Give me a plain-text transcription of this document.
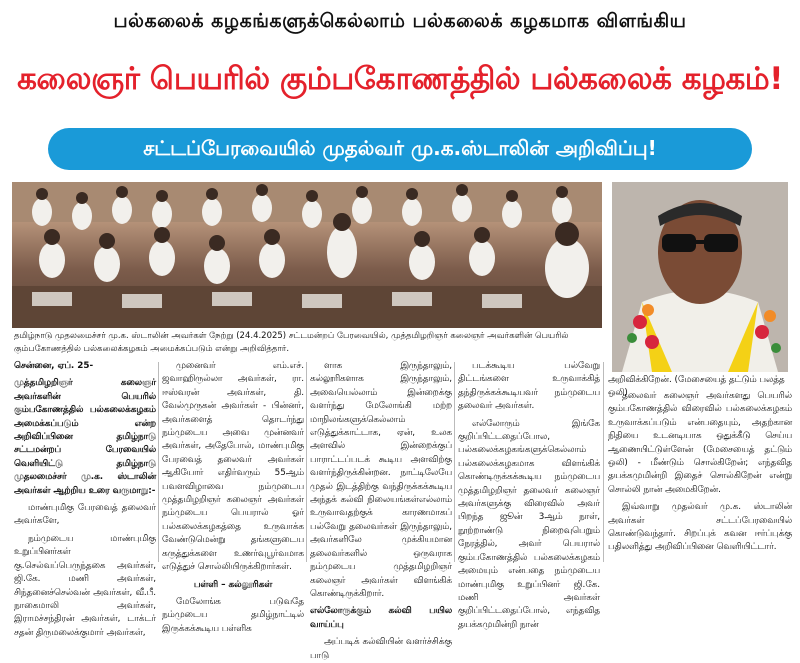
பல்கலைக் கழகங்களுக்கெல்லாம் பல்கலைக் கழகமாக விளங்கிய
கலைஞர் பெயரில் கும்பகோணத்தில் பல்கலைக் கழகம்!
சட்டப்பேரவையில் முதல்வர் மு.க.ஸ்டாலின் அறிவிப்பு!
தமிழ்நாடு முதலமைச்சர் மு.க. ஸ்டாலின் அவர்கள் நேற்று (24.4.2025) சட்டமன்றப் பேரவையில், முத்தமிழறிஞர் கலைஞர் அவர்களின் பெயரில் கும்பகோணத்தில் பல்கலைக்கழகம் அமைக்கப்படும் என்று அறிவித்தார்.

சென்னை, ஏப். 25-

முத்தமிழறிஞர் கலைஞர் அவர்களின் பெயரில் கும்பகோணத்தில் பல்கலைக்கழகம் அமைக்கப்படும் என்ற அறிவிப்பினை தமிழ்நாடு சட்டமன்றப் பேரவையில் வெளியிட்டு தமிழ்நாடு முதலமைச்சர் மு.க. ஸ்டாலின் அவர்கள் ஆற்றிய உரை வருமாறு:-

மாண்புமிகு பேரவைத் தலைவர் அவர்களே,

நம்முடைய மாண்புமிகு உறுப்பினர்கள் கு.செல்வப்பெருந்தகை அவர்கள், ஜி.கே. மணி அவர்கள், சிந்தனைச்செல்வன் அவர்கள், வீ.பீ. நாகைமாலி அவர்கள், இராமச்சந்திரன் அவர்கள், டாக்டர் சதன் திருமலைக்குமார் அவர்கள்,

முனைவர் எம்.எச். ஜவாஹிருல்லா அவர்கள், ரா. ஈஸ்வரன் அவர்கள், தி. வேல்முருகன் அவர்கள் - பின்னர், அவர்களைத் தொடர்ந்து நம்முடைய அவை முன்னவர் அவர்கள், அதேபோல், மாண்புமிகு பேரவைத் தலைவர் அவர்கள் ஆகியோர் எதிர்வரும் 55ஆம் பவளவிழாவை நம்முடைய முத்தமிழறிஞர் கலைஞர் அவர்கள் நம்முடைய பெயரால் ஓர் பல்கலைக்கழகத்தை உருவாக்க வேண்டுமென்று தங்களுடைய கருத்துக்களை உணர்வுபூர்வமாக எடுத்துச் சொல்லியிருக்கிறார்கள்.

பள்ளி – கல்லூரிகள்

மேலோங்க படுவதே நம்முடைய தமிழ்நாட்டில் இருக்கக்கூடிய பள்ளிக

ளாக இருந்தாலும், கல்லூரிகளாக இருந்தாலும், அவையெல்லாம் இன்றைக்கு வளர்ந்து மேலோங்கி மற்ற மாநிலங்களுக்கெல்லாம் எடுத்துக்காட்டாக, ஏன், உலக அளவில் இன்றைக்குப் பாராட்டப்படக் கூடிய அளவிற்கு வளர்ந்திருக்கின்றன. நாட்டிலேயே முதல் இடத்திற்கு வந்திருக்கக்கூடிய அந்தக் கல்வி நிலையங்கள்எல்லாம் உருவாவதற்குக் காரணமாகப் பல்வேறு தலைவர்கள் இருந்தாலும், அவர்களிலே முக்கியமான தலைவர்களில் ஒருவராக நம்முடைய முத்தமிழறிஞர் கலைஞர் அவர்கள் விளங்கிக் கொண்டிருக்கிறார்.

எல்லோருக்கும் கல்வி பயில வாய்ப்பு

அப்படிக் கல்வியின் வளர்ச்சிக்கு பாடு

படக்கூடிய பல்வேறு திட்டங்களை உருவாக்கித் தந்திருக்கக்கூடியவர் நம்முடைய தலைவர் அவர்கள்.

எல்லோரும் இங்கே குறிப்பிட்டதைப்போல, பல்கலைக்கழகங்களுக்கெல்லாம் பல்கலைக்கழகமாக விளங்கிக் கொண்டிருக்கக்கூடிய நம்முடைய முத்தமிழறிஞர் தலைவர் கலைஞர் அவர்களுக்கு விரைவில் அவர் பிறந்த ஜூன் 3ஆம் நாள், நூற்றாண்டு நிறைவுபெறும் நேரத்தில், அவர் பெயரால் கும்பகோணத்தில் பல்கலைக்கழகம் அமையும் என்பதை நம்முடைய மாண்புமிகு உறுப்பினர் ஜி.கே. மணி அவர்கள் குறிப்பிட்டதைப்போல், எந்தவித தயக்கமுமின்றி நான்

அறிவிக்கிறேன். (மேசையைத் தட்டும் பலத்த ஒலி)

தலைவர் கலைஞர் அவர்களது பெயரில் கும்பகோணத்தில் விரைவில் பல்கலைக்கழகம் உருவாக்கப்படும் என்பதையும், அதற்கான நிதியை உடனடியாக ஒதுக்கீடு செய்ய ஆணையிட்டுள்ளேன் (மேசையைத் தட்டும் ஒலி) - மீண்டும் சொல்கிறேன்; எந்தவித தயக்கமுமின்றி இதைச் சொல்கிறேன் என்று சொல்லி நான் அமைகிறேன்.

இவ்வாறு முதல்வர் மு.க. ஸ்டாலின் அவர்கள் சட்டப்பேரவையில் கொண்டுவந்தார். சிறப்புக் கவன ஈர்ப்புக்கு பதிலளித்து அறிவிப்பினை வெளியிட்டார்.
